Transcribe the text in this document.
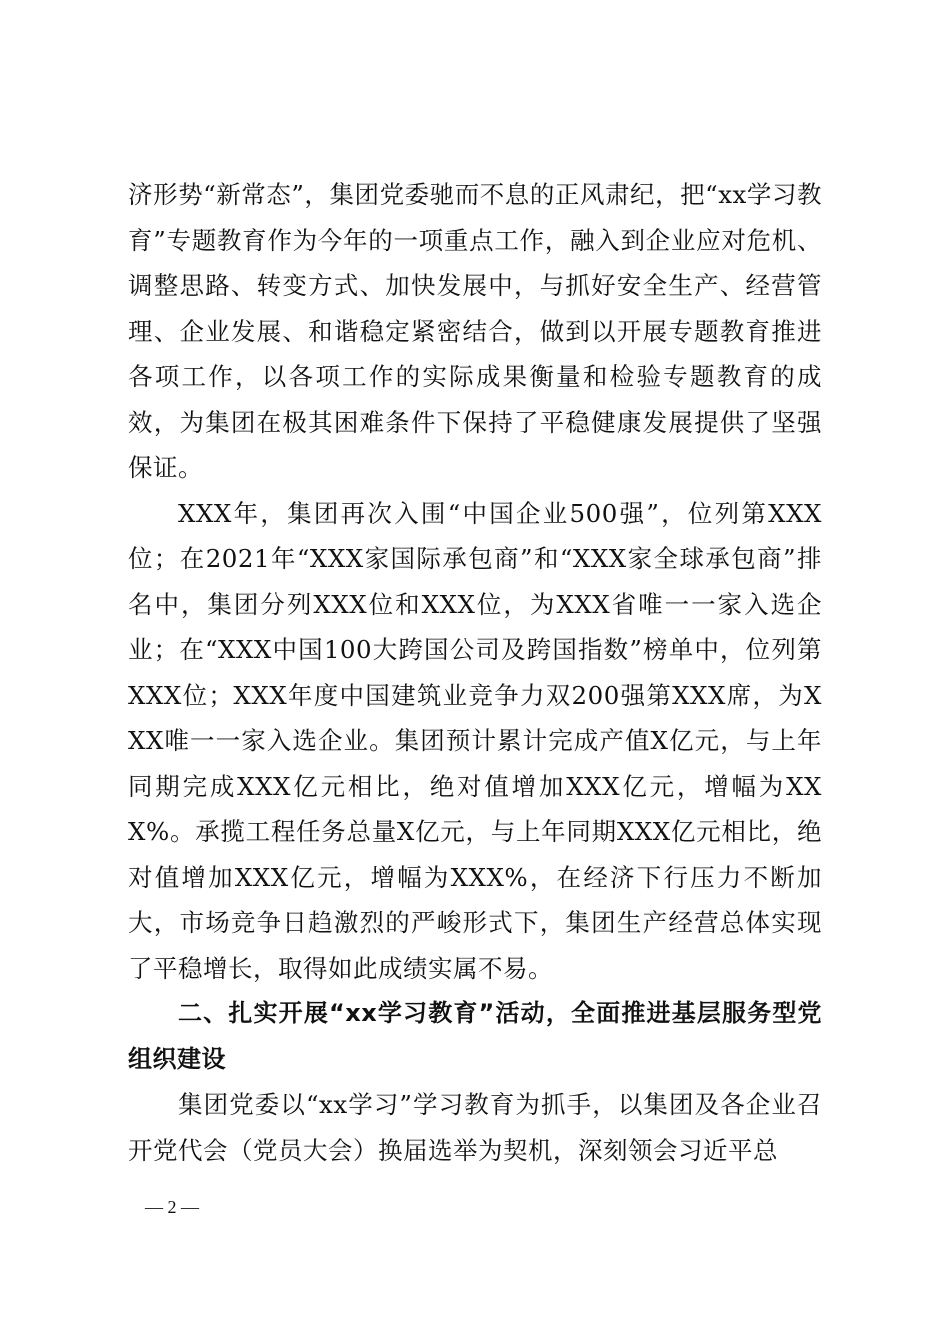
济形势“新常态”，集团党委驰而不息的正风肃纪，把“xx学习教育”专题教育作为今年的一项重点工作，融入到企业应对危机、调整思路、转变方式、加快发展中，与抓好安全生产、经营管理、企业发展、和谐稳定紧密结合，做到以开展专题教育推进各项工作，以各项工作的实际成果衡量和检验专题教育的成效，为集团在极其困难条件下保持了平稳健康发展提供了坚强保证。

XXX年，集团再次入围“中国企业500强”，位列第XXX位；在2021年“XXX家国际承包商”和“XXX家全球承包商”排名中，集团分列XXX位和XXX位，为XXX省唯一一家入选企业；在“XXX中国100大跨国公司及跨国指数”榜单中，位列第XXX位；XXX年度中国建筑业竞争力双200强第XXX席，为XXX唯一一家入选企业。集团预计累计完成产值X亿元，与上年同期完成XXX亿元相比，绝对值增加XXX亿元，增幅为XXX%。承揽工程任务总量X亿元，与上年同期XXX亿元相比，绝对值增加XXX亿元，增幅为XXX%，在经济下行压力不断加大，市场竞争日趋激烈的严峻形式下，集团生产经营总体实现了平稳增长，取得如此成绩实属不易。

二、扎实开展“xx学习教育”活动，全面推进基层服务型党组织建设

集团党委以“xx学习”学习教育为抓手，以集团及各企业召开党代会（党员大会）换届选举为契机，深刻领会习近平总

— 2 —
